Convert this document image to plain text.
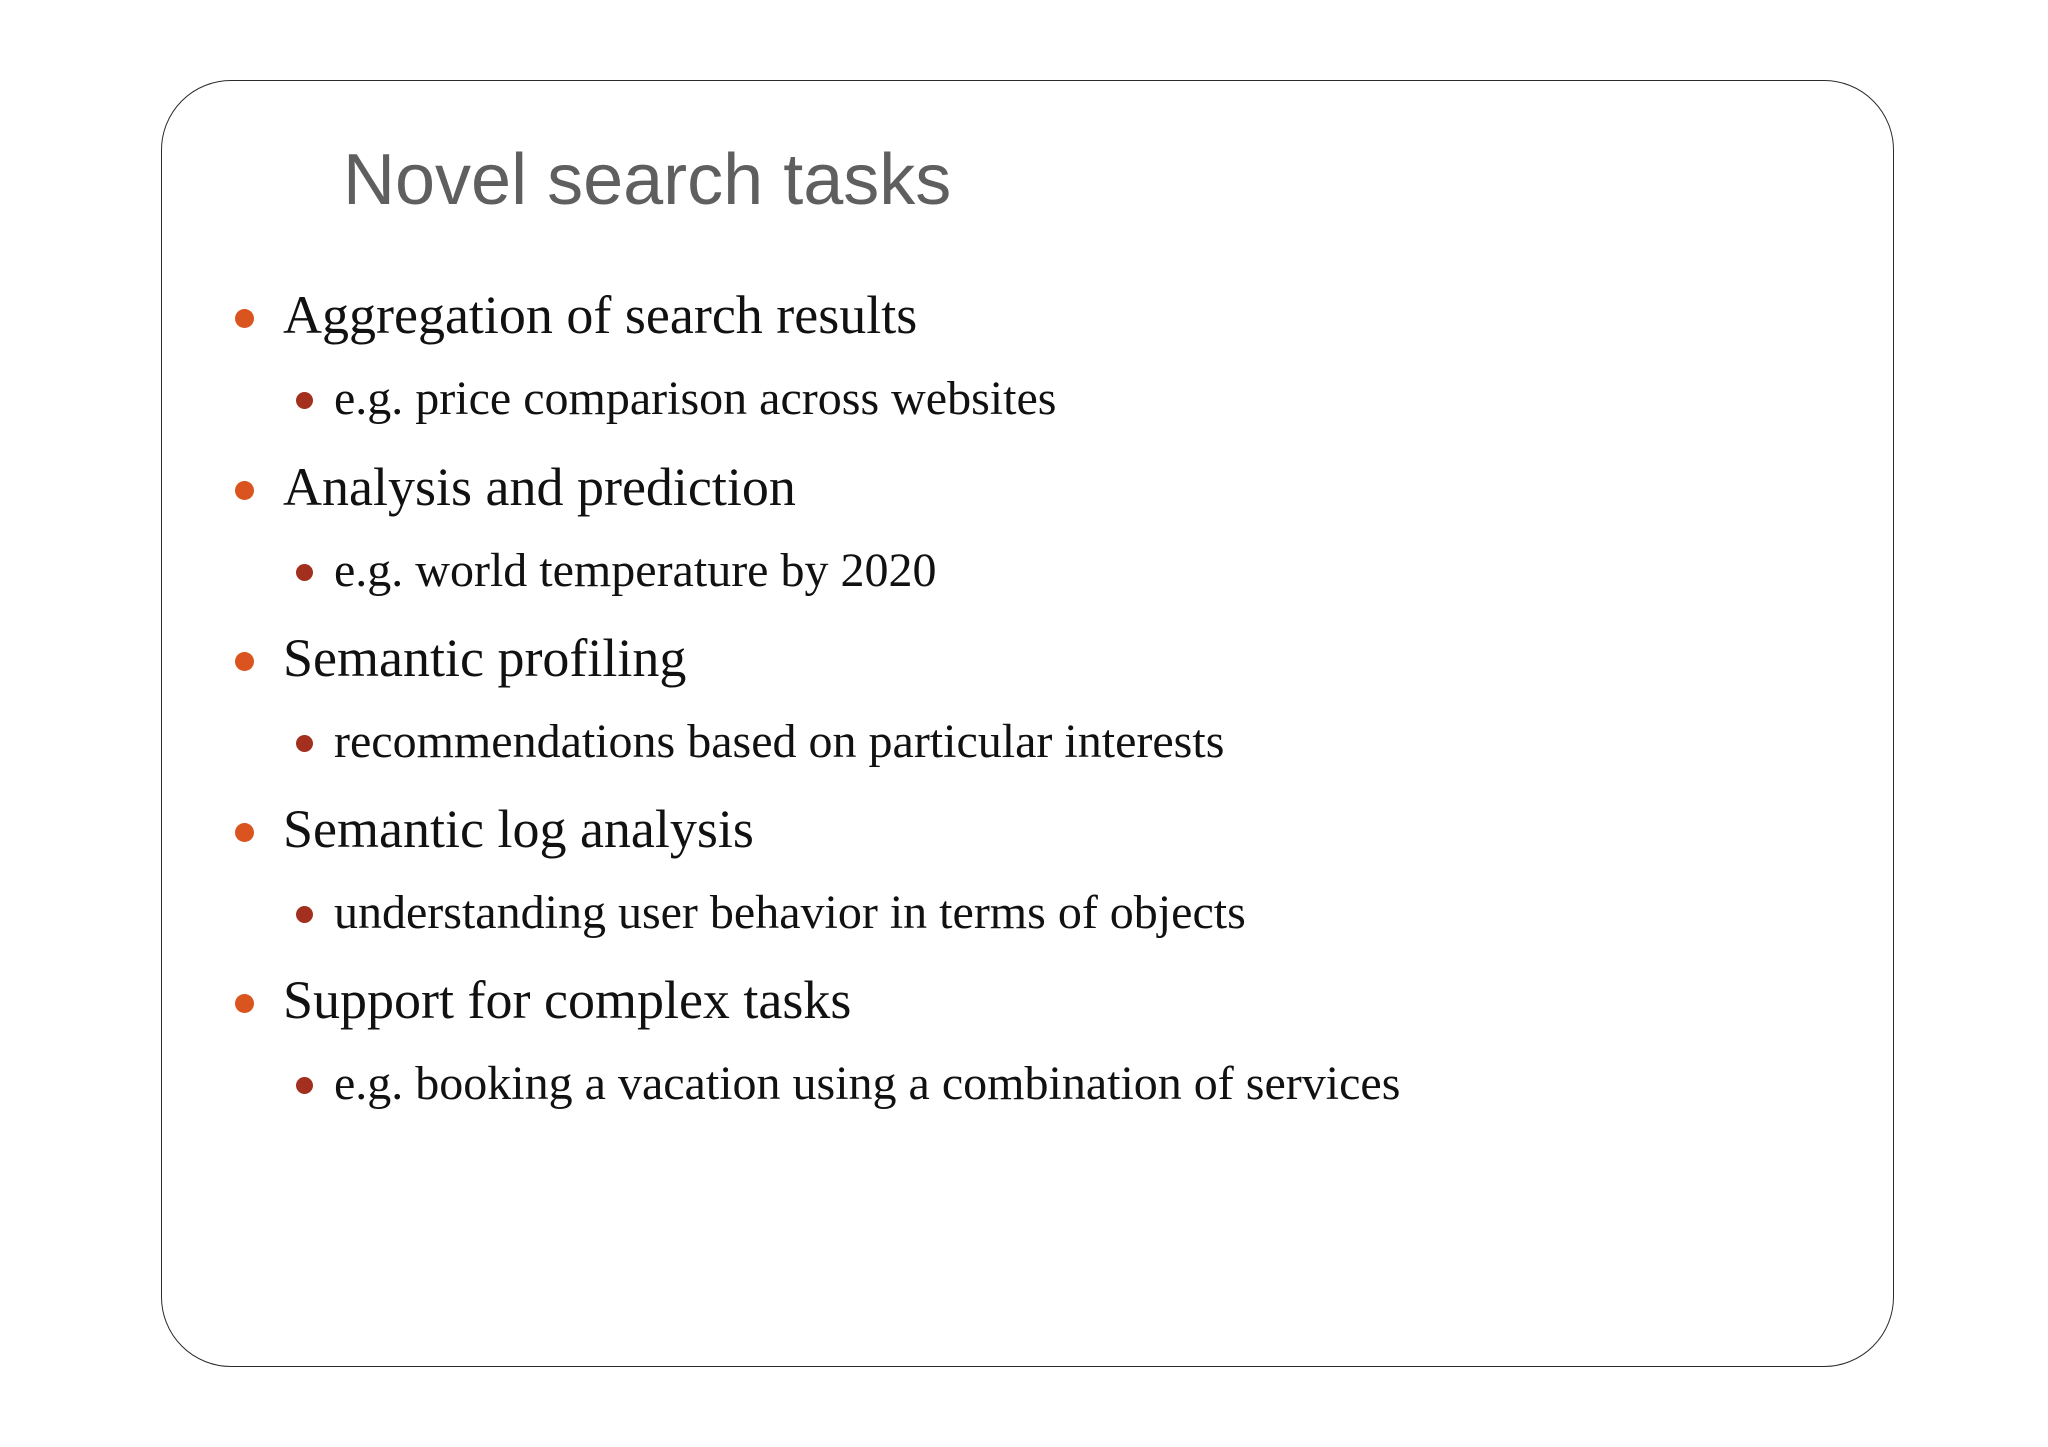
Novel search tasks
Aggregation of search results
e.g. price comparison across websites
Analysis and prediction
e.g. world temperature by 2020
Semantic profiling
recommendations based on particular interests
Semantic log analysis
understanding user behavior in terms of objects
Support for complex tasks
e.g. booking a vacation using a combination of services
